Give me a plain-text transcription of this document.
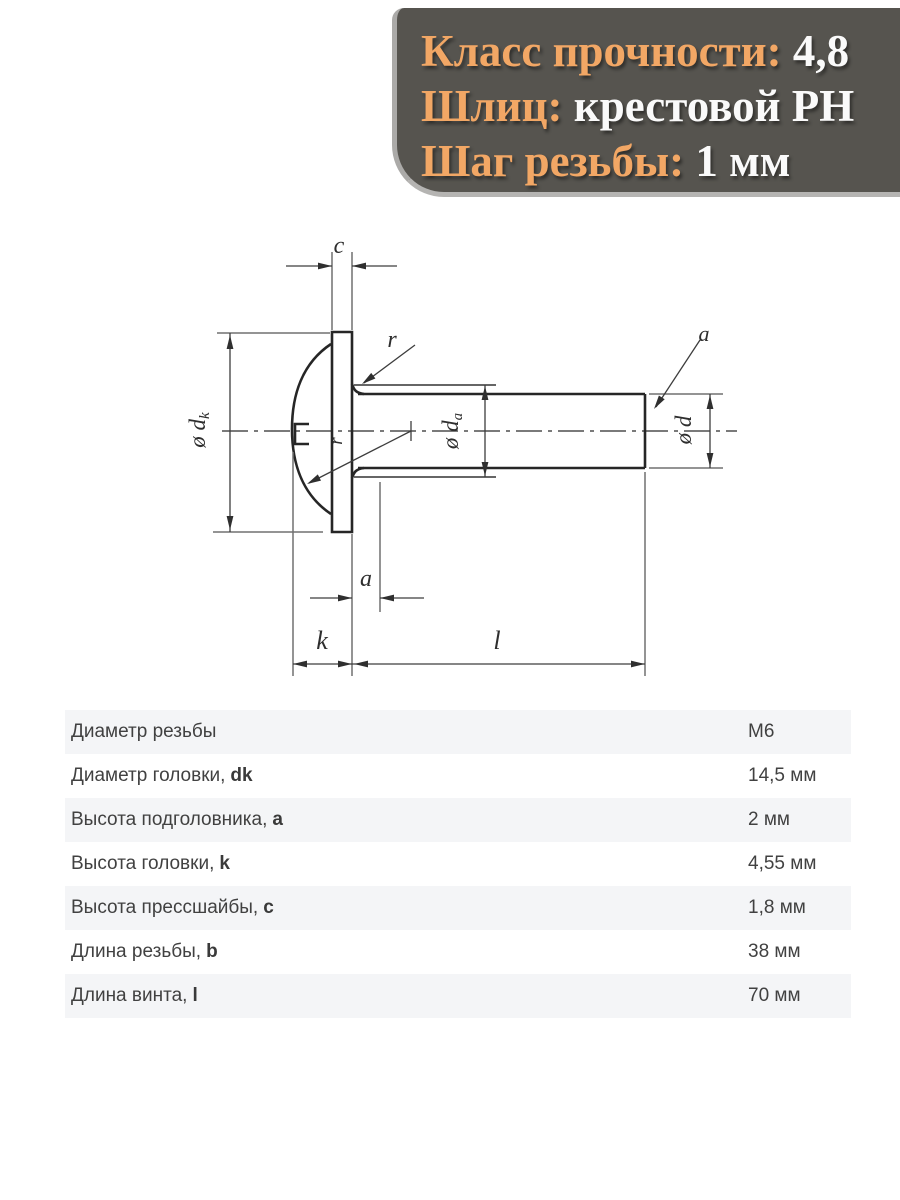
Класс прочности: 4,8
Шлиц: крестовой PH
Шаг резьбы: 1 мм
c
ø dk
ø da	ø d
r
r
a
a
k	l
Диаметр резьбы	М6
Диаметр головки, dk	14,5 мм
Высота подголовника, a	2 мм
Высота головки, k	4,55 мм
Высота прессшайбы, c	1,8 мм
Длина резьбы, b	38 мм
Длина винта, l	70 мм
